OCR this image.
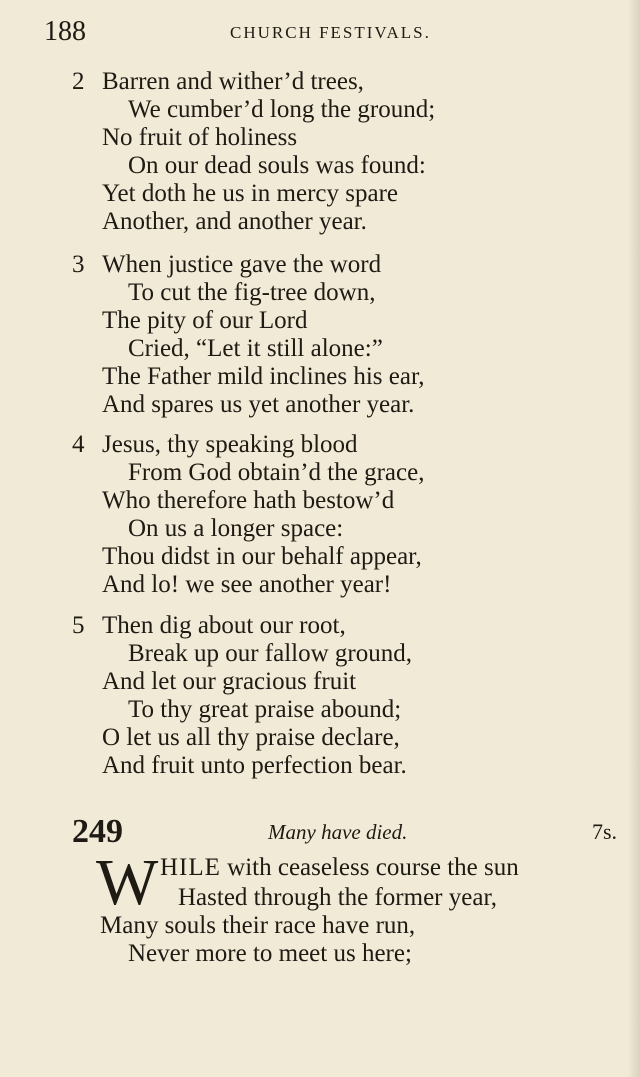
188	CHURCH FESTIVALS.
2 Barren and wither’d trees,
We cumber’d long the ground;
No fruit of holiness
On our dead souls was found:
Yet doth he us in mercy spare
Another, and another year.
3 When justice gave the word
To cut the fig-tree down,
The pity of our Lord
Cried, “Let it still alone:”
The Father mild inclines his ear,
And spares us yet another year.
4 Jesus, thy speaking blood
From God obtain’d the grace,
Who therefore hath bestow’d
On us a longer space:
Thou didst in our behalf appear,
And lo! we see another year!
5 Then dig about our root,
Break up our fallow ground,
And let our gracious fruit
To thy great praise abound;
O let us all thy praise declare,
And fruit unto perfection bear.
249	Many have died.	7s.
W HILE with ceaseless course the sun
Hasted through the former year,
Many souls their race have run,
Never more to meet us here;
